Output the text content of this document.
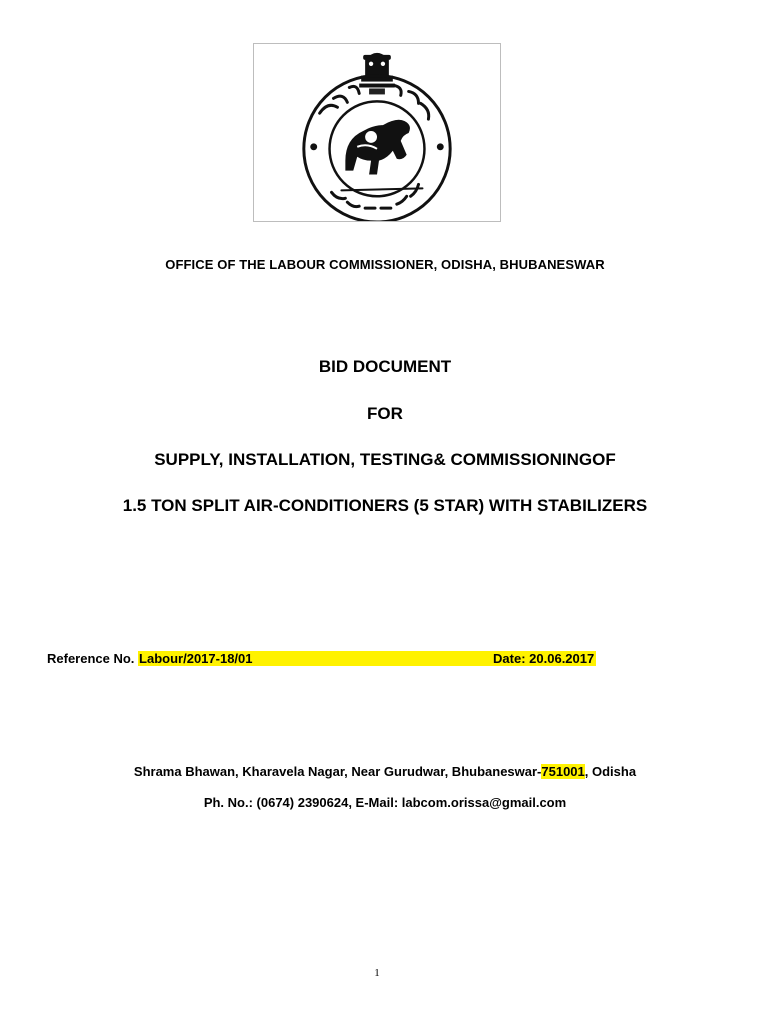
OFFICE OF THE LABOUR COMMISSIONER, ODISHA, BHUBANESWAR
BID DOCUMENT
FOR
SUPPLY, INSTALLATION, TESTING& COMMISSIONINGOF
1.5 TON SPLIT AIR-CONDITIONERS (5 STAR) WITH STABILIZERS
Reference No. Labour/2017-18/01	Date: 20.06.2017
Shrama Bhawan, Kharavela Nagar, Near Gurudwar, Bhubaneswar-751001, Odisha
Ph. No.: (0674) 2390624, E-Mail: labcom.orissa@gmail.com
1
